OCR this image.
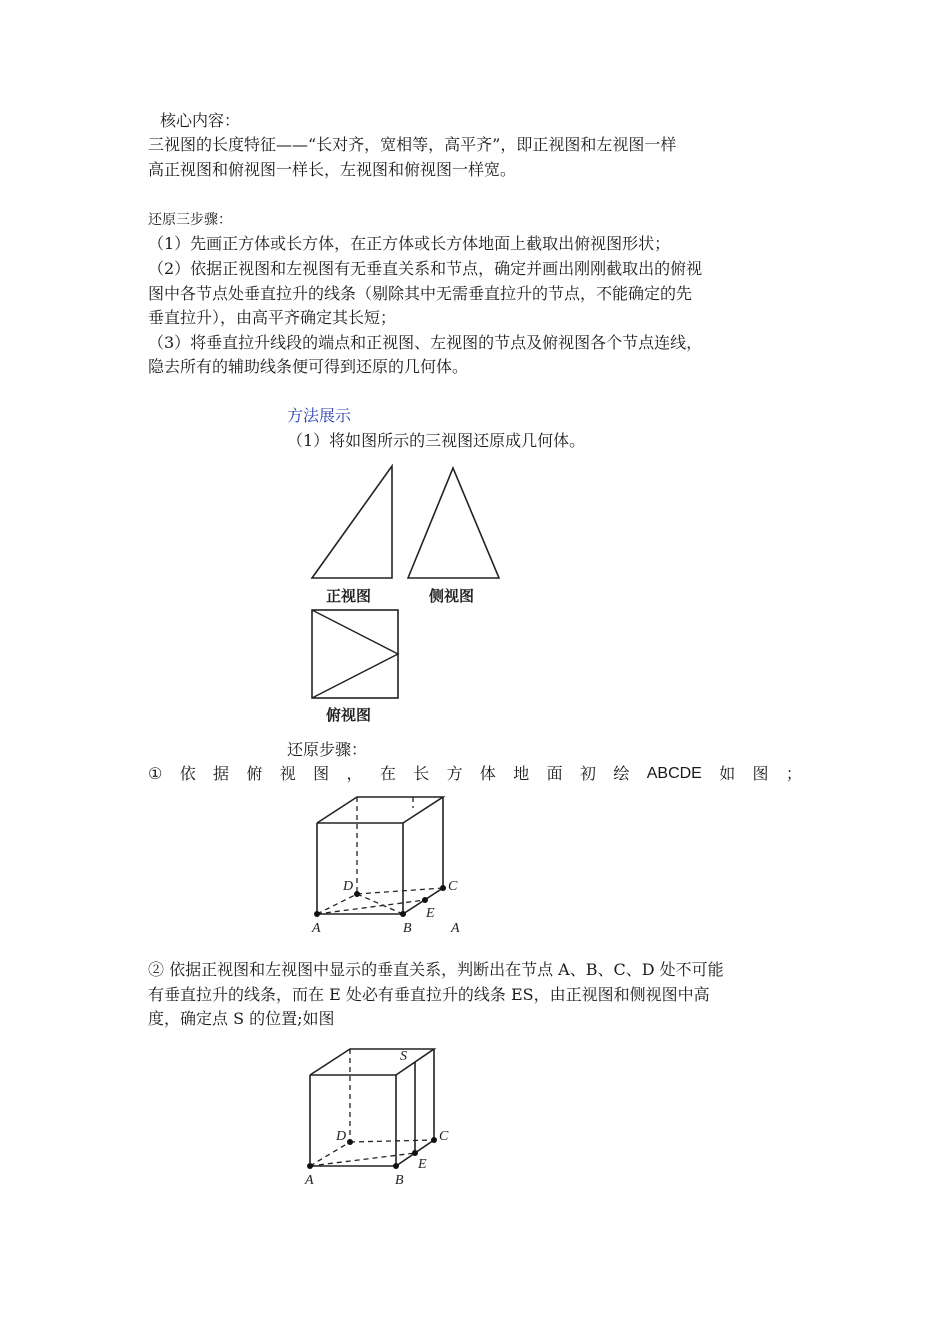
核心内容：
三视图的长度特征——“长对齐，宽相等，高平齐”，即正视图和左视图一样
高正视图和俯视图一样长，左视图和俯视图一样宽。
还原三步骤：
（1）先画正方体或长方体，在正方体或长方体地面上截取出俯视图形状；
（2）依据正视图和左视图有无垂直关系和节点，确定并画出刚刚截取出的俯视
图中各节点处垂直拉升的线条（剔除其中无需垂直拉升的节点，不能确定的先
垂直拉升），由高平齐确定其长短；
（3）将垂直拉升线段的端点和正视图、左视图的节点及俯视图各个节点连线，
隐去所有的辅助线条便可得到还原的几何体。
方法展示
（1）将如图所示的三视图还原成几何体。
正视图	侧视图
俯视图
还原步骤：
① 依 据 俯 视 图 ， 在 长 方 体 地 面 初 绘 ABCDE 如 图 ；
D	C
E
A	B	A
② 依据正视图和左视图中显示的垂直关系，判断出在节点 A、B、C、D 处不可能
有垂直拉升的线条，而在 E 处必有垂直拉升的线条 ES，由正视图和侧视图中高
度，确定点 S 的位置;如图
S
D	C
E
A	B
